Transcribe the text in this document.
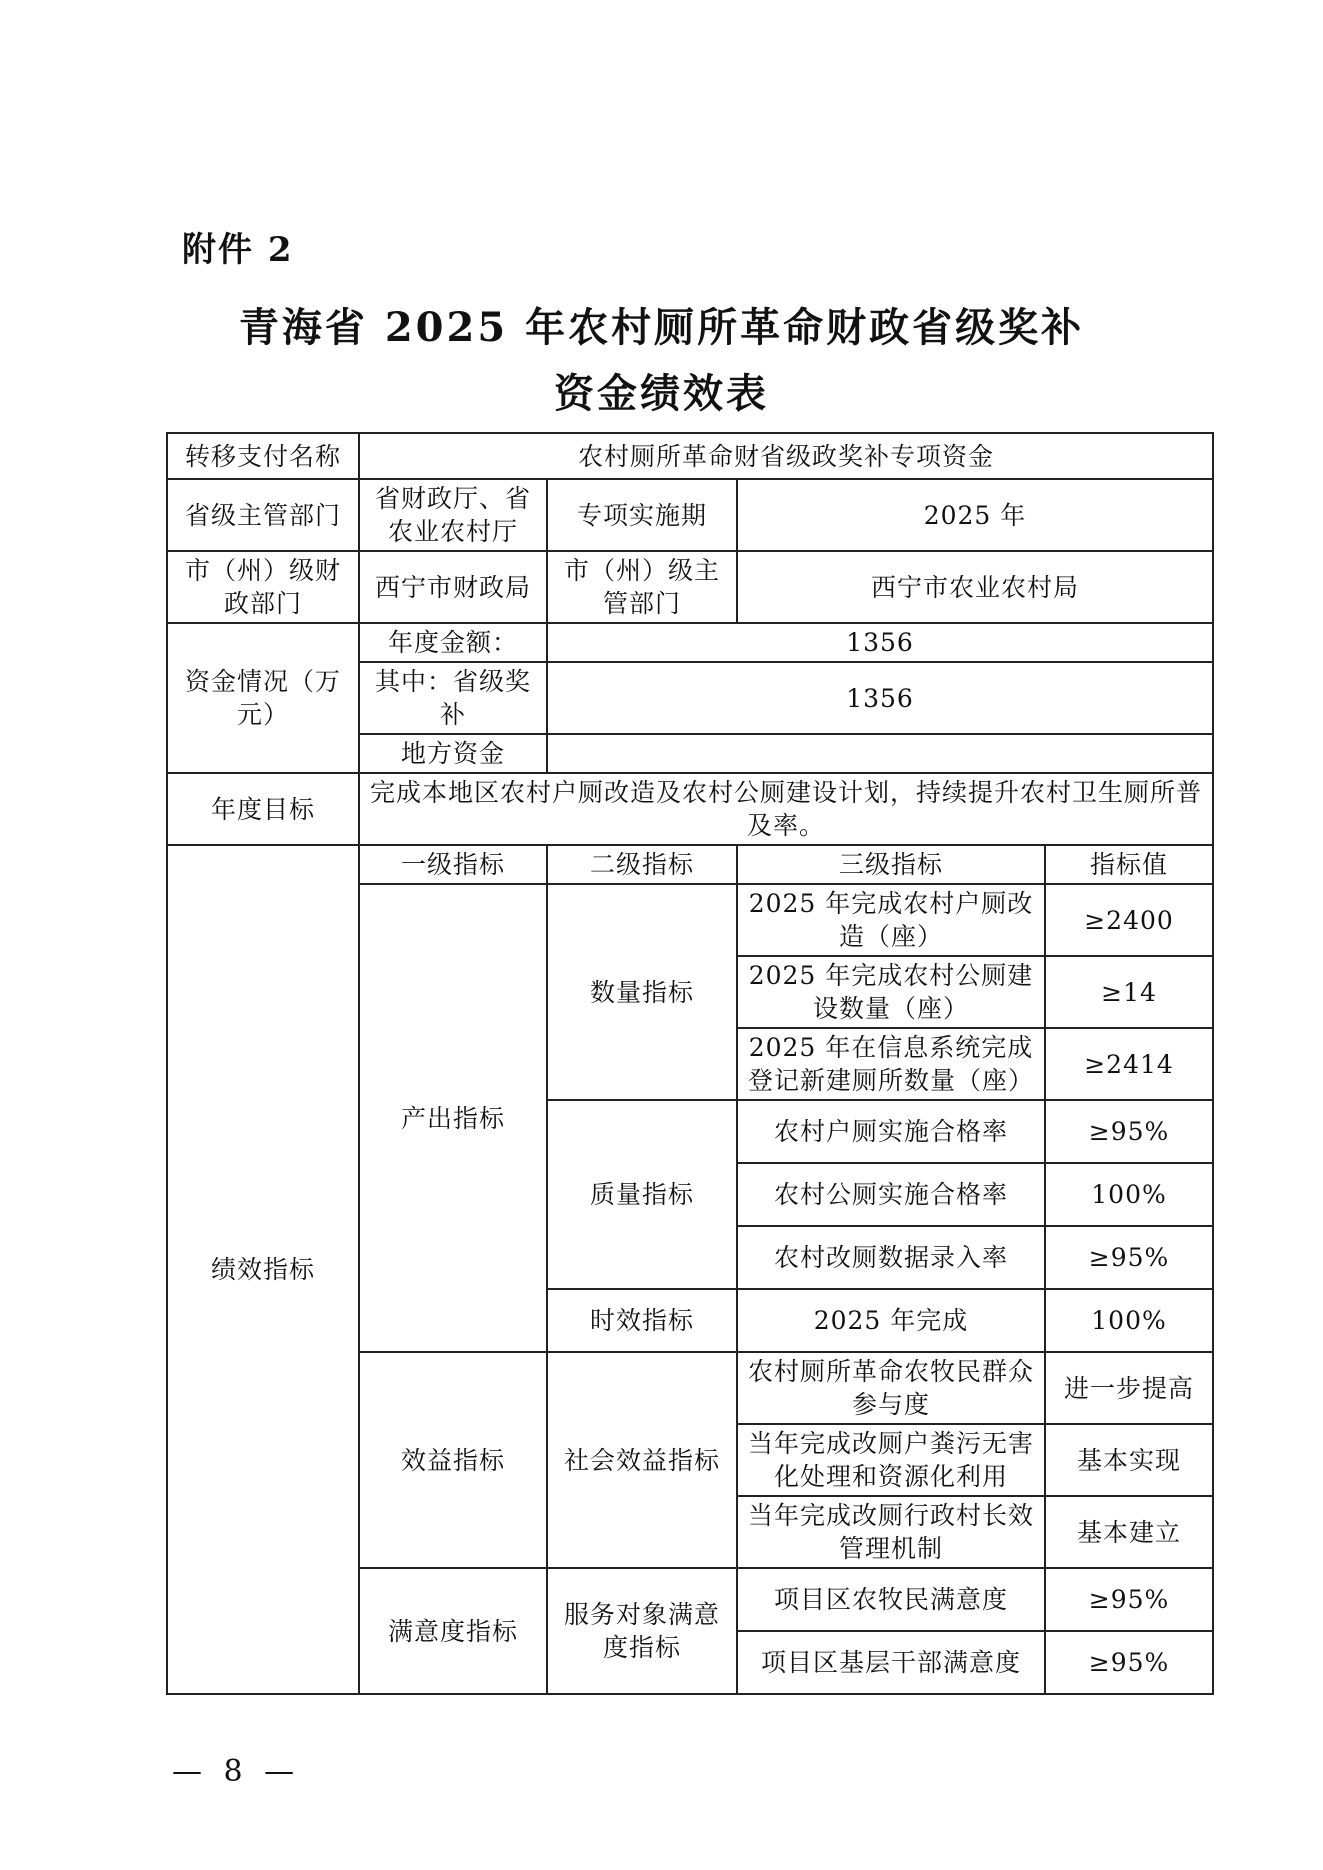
附件 2
青海省 2025 年农村厕所革命财政省级奖补
资金绩效表
转移支付名称	农村厕所革命财省级政奖补专项资金			
省级主管部门	省财政厅、省农业农村厅	专项实施期	2025 年	
市（州）级财政部门	西宁市财政局	市（州）级主管部门	西宁市农业农村局	
资金情况（万元）	年度金额：	1356		
	其中：省级奖补	1356		
	地方资金			
年度目标	完成本地区农村户厕改造及农村公厕建设计划，持续提升农村卫生厕所普及率。			
绩效指标	一级指标	二级指标	三级指标	指标值
	产出指标	数量指标	2025 年完成农村户厕改造（座）	≥2400
			2025 年完成农村公厕建设数量（座）	≥14
			2025 年在信息系统完成登记新建厕所数量（座）	≥2414
		质量指标	农村户厕实施合格率	≥95%
			农村公厕实施合格率	100%
			农村改厕数据录入率	≥95%
		时效指标	2025 年完成	100%
	效益指标	社会效益指标	农村厕所革命农牧民群众参与度	进一步提高
			当年完成改厕户粪污无害化处理和资源化利用	基本实现
			当年完成改厕行政村长效管理机制	基本建立
	满意度指标	服务对象满意度指标	项目区农牧民满意度	≥95%
			项目区基层干部满意度	≥95%
— 8 —
